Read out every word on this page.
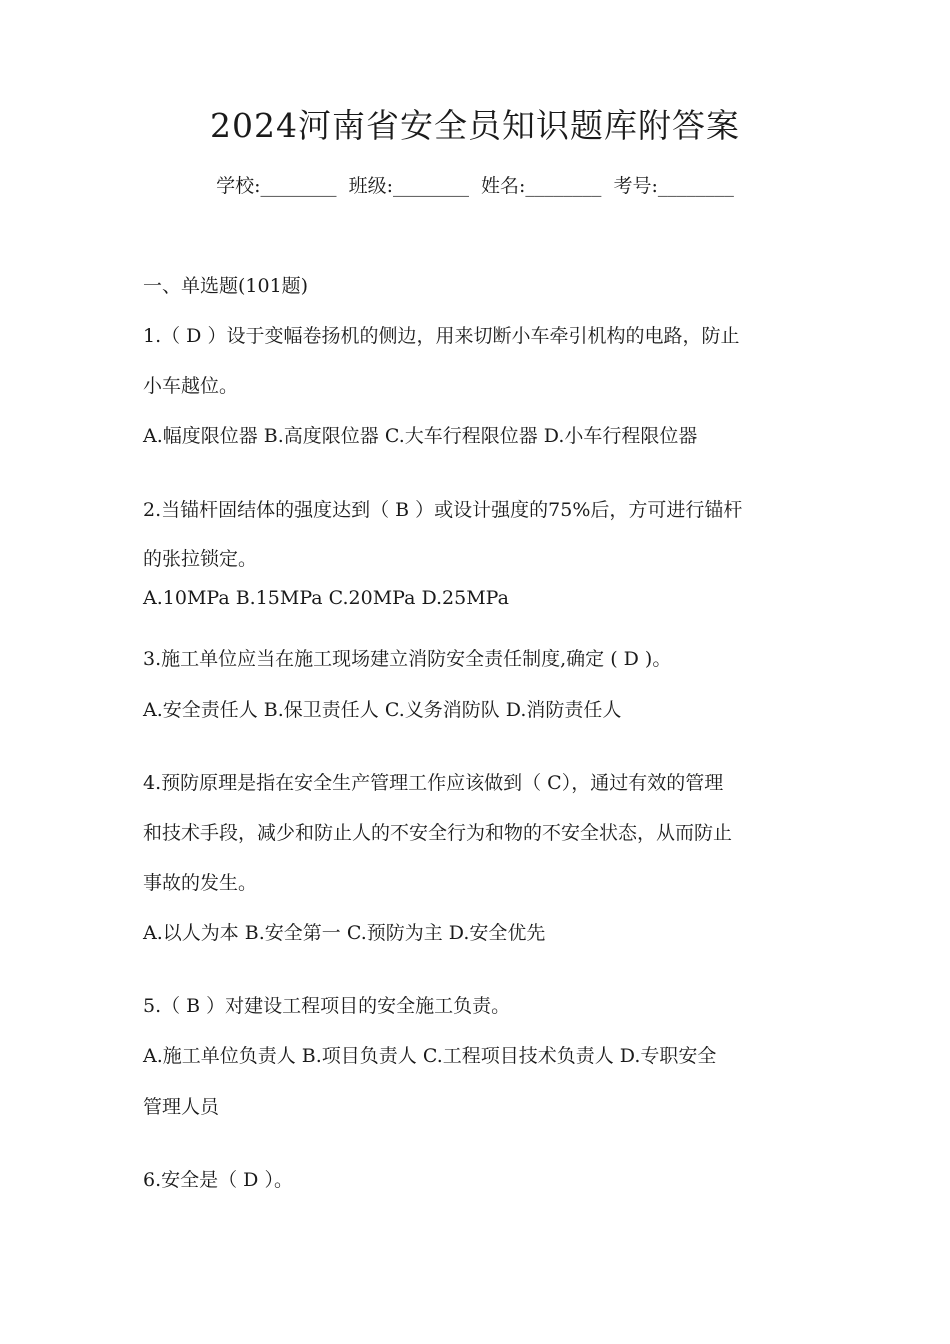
2024河南省安全员知识题库附答案
学校:________ 班级:________ 姓名:________ 考号:________
一、单选题(101题)
1.（ D ）设于变幅卷扬机的侧边，用来切断小车牵引机构的电路，防止
小车越位。
A.幅度限位器 B.高度限位器 C.大车行程限位器 D.小车行程限位器
2.当锚杆固结体的强度达到（ B ）或设计强度的75%后，方可进行锚杆
的张拉锁定。
A.10MPa B.15MPa C.20MPa D.25MPa
3.施工单位应当在施工现场建立消防安全责任制度,确定 ( D )。
A.安全责任人 B.保卫责任人 C.义务消防队 D.消防责任人
4.预防原理是指在安全生产管理工作应该做到（ C），通过有效的管理
和技术手段，减少和防止人的不安全行为和物的不安全状态，从而防止
事故的发生。
A.以人为本 B.安全第一 C.预防为主 D.安全优先
5.（ B ）对建设工程项目的安全施工负责。
A.施工单位负责人 B.项目负责人 C.工程项目技术负责人 D.专职安全
管理人员
6.安全是（ D ）。
